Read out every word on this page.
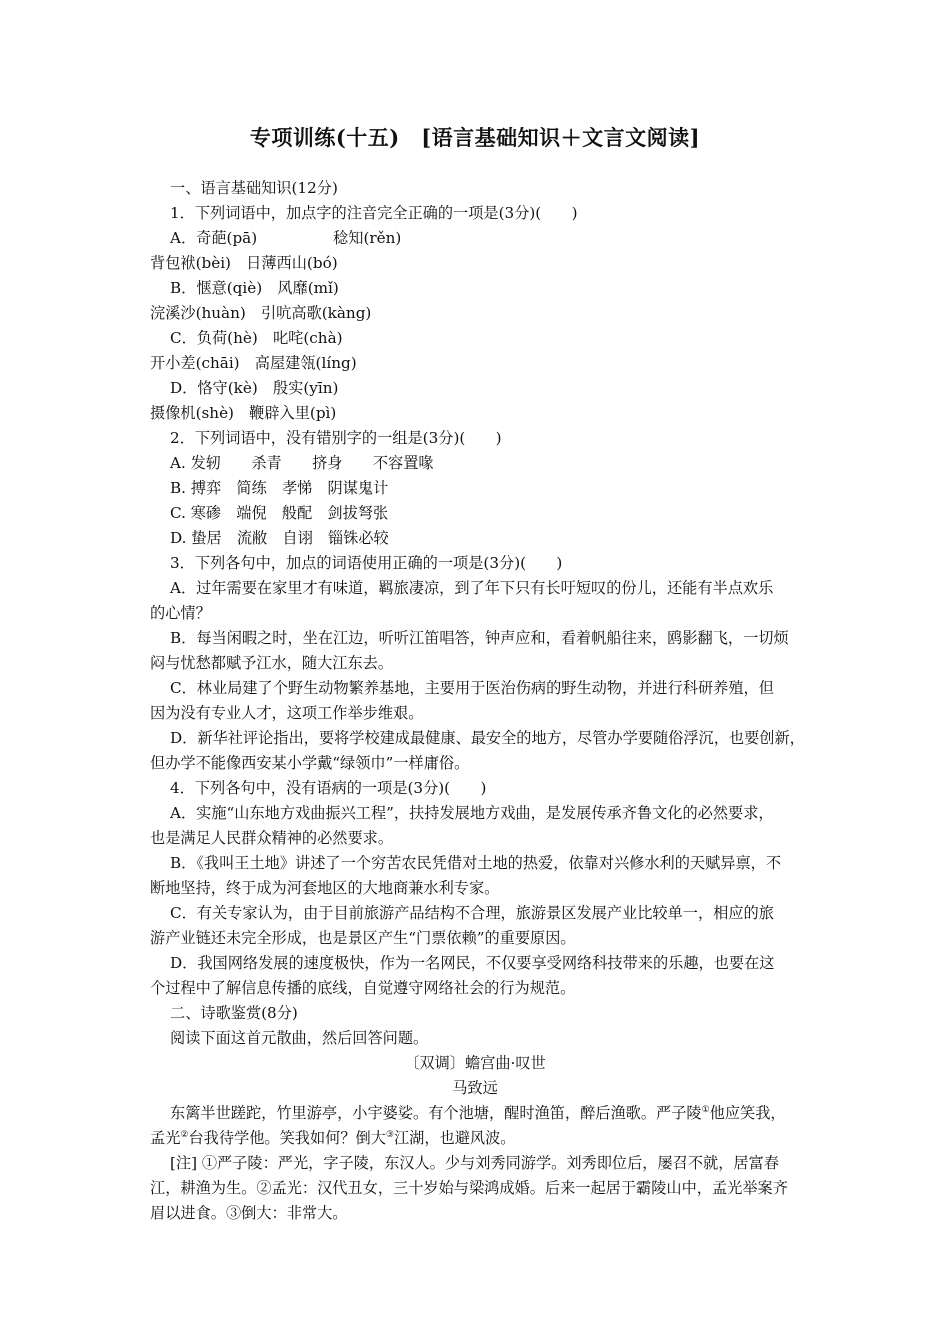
专项训练(十五)　[语言基础知识＋文言文阅读]
一、语言基础知识(12分)
1．下列词语中，加点字的注音完全正确的一项是(3分)(　　)
A．奇葩(pā)　　　　　稔知(rěn)
背包袱(bèi)　日薄西山(bó)
B．惬意(qiè)　风靡(mǐ)
浣溪沙(huàn)　引吭高歌(kàng)
C．负荷(hè)　叱咤(chà)
开小差(chāi)　高屋建瓴(líng)
D．恪守(kè)　殷实(yīn)
摄像机(shè)　鞭辟入里(pì)
2．下列词语中，没有错别字的一组是(3分)(　　)
A. 发轫　　杀青　　挤身　　不容置喙
B. 搏弈　简练　孝悌　阴谋鬼计
C. 寒碜　端倪　般配　剑拔弩张
D. 蛰居　流敝　自诩　锱铢必较
3．下列各句中，加点的词语使用正确的一项是(3分)(　　)
A．过年需要在家里才有味道，羁旅凄凉，到了年下只有长吁短叹的份儿，还能有半点欢乐
的心情？
B．每当闲暇之时，坐在江边，听听江笛唱答，钟声应和，看着帆船往来，鸥影翻飞，一切烦
闷与忧愁都赋予江水，随大江东去。
C．林业局建了个野生动物繁养基地，主要用于医治伤病的野生动物，并进行科研养殖，但
因为没有专业人才，这项工作举步维艰。
D．新华社评论指出，要将学校建成最健康、最安全的地方，尽管办学要随俗浮沉，也要创新，
但办学不能像西安某小学戴“绿领巾”一样庸俗。
4．下列各句中，没有语病的一项是(3分)(　　)
A．实施“山东地方戏曲振兴工程”，扶持发展地方戏曲，是发展传承齐鲁文化的必然要求，
也是满足人民群众精神的必然要求。
B．《我叫王土地》讲述了一个穷苦农民凭借对土地的热爱，依靠对兴修水利的天赋异禀，不
断地坚持，终于成为河套地区的大地商兼水利专家。
C．有关专家认为，由于目前旅游产品结构不合理，旅游景区发展产业比较单一，相应的旅
游产业链还未完全形成，也是景区产生“门票依赖”的重要原因。
D．我国网络发展的速度极快，作为一名网民，不仅要享受网络科技带来的乐趣，也要在这
个过程中了解信息传播的底线，自觉遵守网络社会的行为规范。
二、诗歌鉴赏(8分)
阅读下面这首元散曲，然后回答问题。
〔双调〕蟾宫曲·叹世
马致远
东篱半世蹉跎，竹里游亭，小宇婆娑。有个池塘，醒时渔笛，醉后渔歌。严子陵①他应笑我，
孟光②台我待学他。笑我如何？倒大③江湖，也避风波。
[注] ①严子陵：严光，字子陵，东汉人。少与刘秀同游学。刘秀即位后，屡召不就，居富春
江，耕渔为生。②孟光：汉代丑女，三十岁始与梁鸿成婚。后来一起居于霸陵山中，孟光举案齐
眉以进食。③倒大：非常大。
